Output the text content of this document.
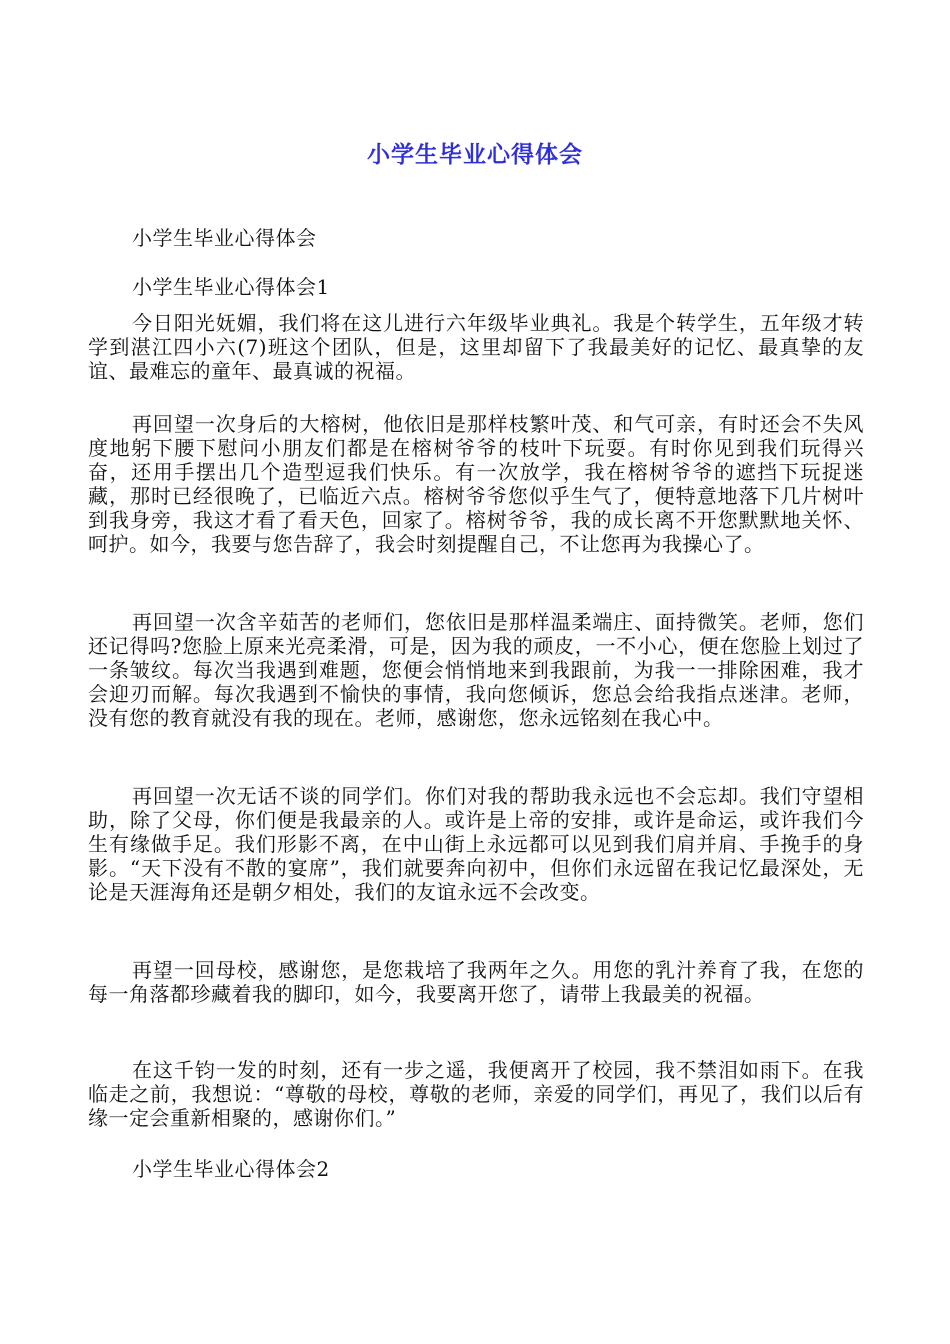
小学生毕业心得体会
小学生毕业心得体会
小学生毕业心得体会1

今日阳光妩媚，我们将在这儿进行六年级毕业典礼。我是个转学生，五年级才转学到湛江四小六(7)班这个团队，但是，这里却留下了我最美好的记忆、最真挚的友谊、最难忘的童年、最真诚的祝福。

再回望一次身后的大榕树，他依旧是那样枝繁叶茂、和气可亲，有时还会不失风度地躬下腰下慰问小朋友们都是在榕树爷爷的枝叶下玩耍。有时你见到我们玩得兴奋，还用手摆出几个造型逗我们快乐。有一次放学，我在榕树爷爷的遮挡下玩捉迷藏，那时已经很晚了，已临近六点。榕树爷爷您似乎生气了，便特意地落下几片树叶到我身旁，我这才看了看天色，回家了。榕树爷爷，我的成长离不开您默默地关怀、呵护。如今，我要与您告辞了，我会时刻提醒自己，不让您再为我操心了。

再回望一次含辛茹苦的老师们，您依旧是那样温柔端庄、面持微笑。老师，您们还记得吗?您脸上原来光亮柔滑，可是，因为我的顽皮，一不小心，便在您脸上划过了一条皱纹。每次当我遇到难题，您便会悄悄地来到我跟前，为我一一排除困难，我才会迎刃而解。每次我遇到不愉快的事情，我向您倾诉，您总会给我指点迷津。老师，没有您的教育就没有我的现在。老师，感谢您，您永远铭刻在我心中。

再回望一次无话不谈的同学们。你们对我的帮助我永远也不会忘却。我们守望相助，除了父母，你们便是我最亲的人。或许是上帝的安排，或许是命运，或许我们今生有缘做手足。我们形影不离，在中山街上永远都可以见到我们肩并肩、手挽手的身影。“天下没有不散的宴席”，我们就要奔向初中，但你们永远留在我记忆最深处，无论是天涯海角还是朝夕相处，我们的友谊永远不会改变。

再望一回母校，感谢您，是您栽培了我两年之久。用您的乳汁养育了我，在您的每一角落都珍藏着我的脚印，如今，我要离开您了，请带上我最美的祝福。

在这千钧一发的时刻，还有一步之遥，我便离开了校园，我不禁泪如雨下。在我临走之前，我想说：“尊敬的母校，尊敬的老师，亲爱的同学们，再见了，我们以后有缘一定会重新相聚的，感谢你们。”

小学生毕业心得体会2
